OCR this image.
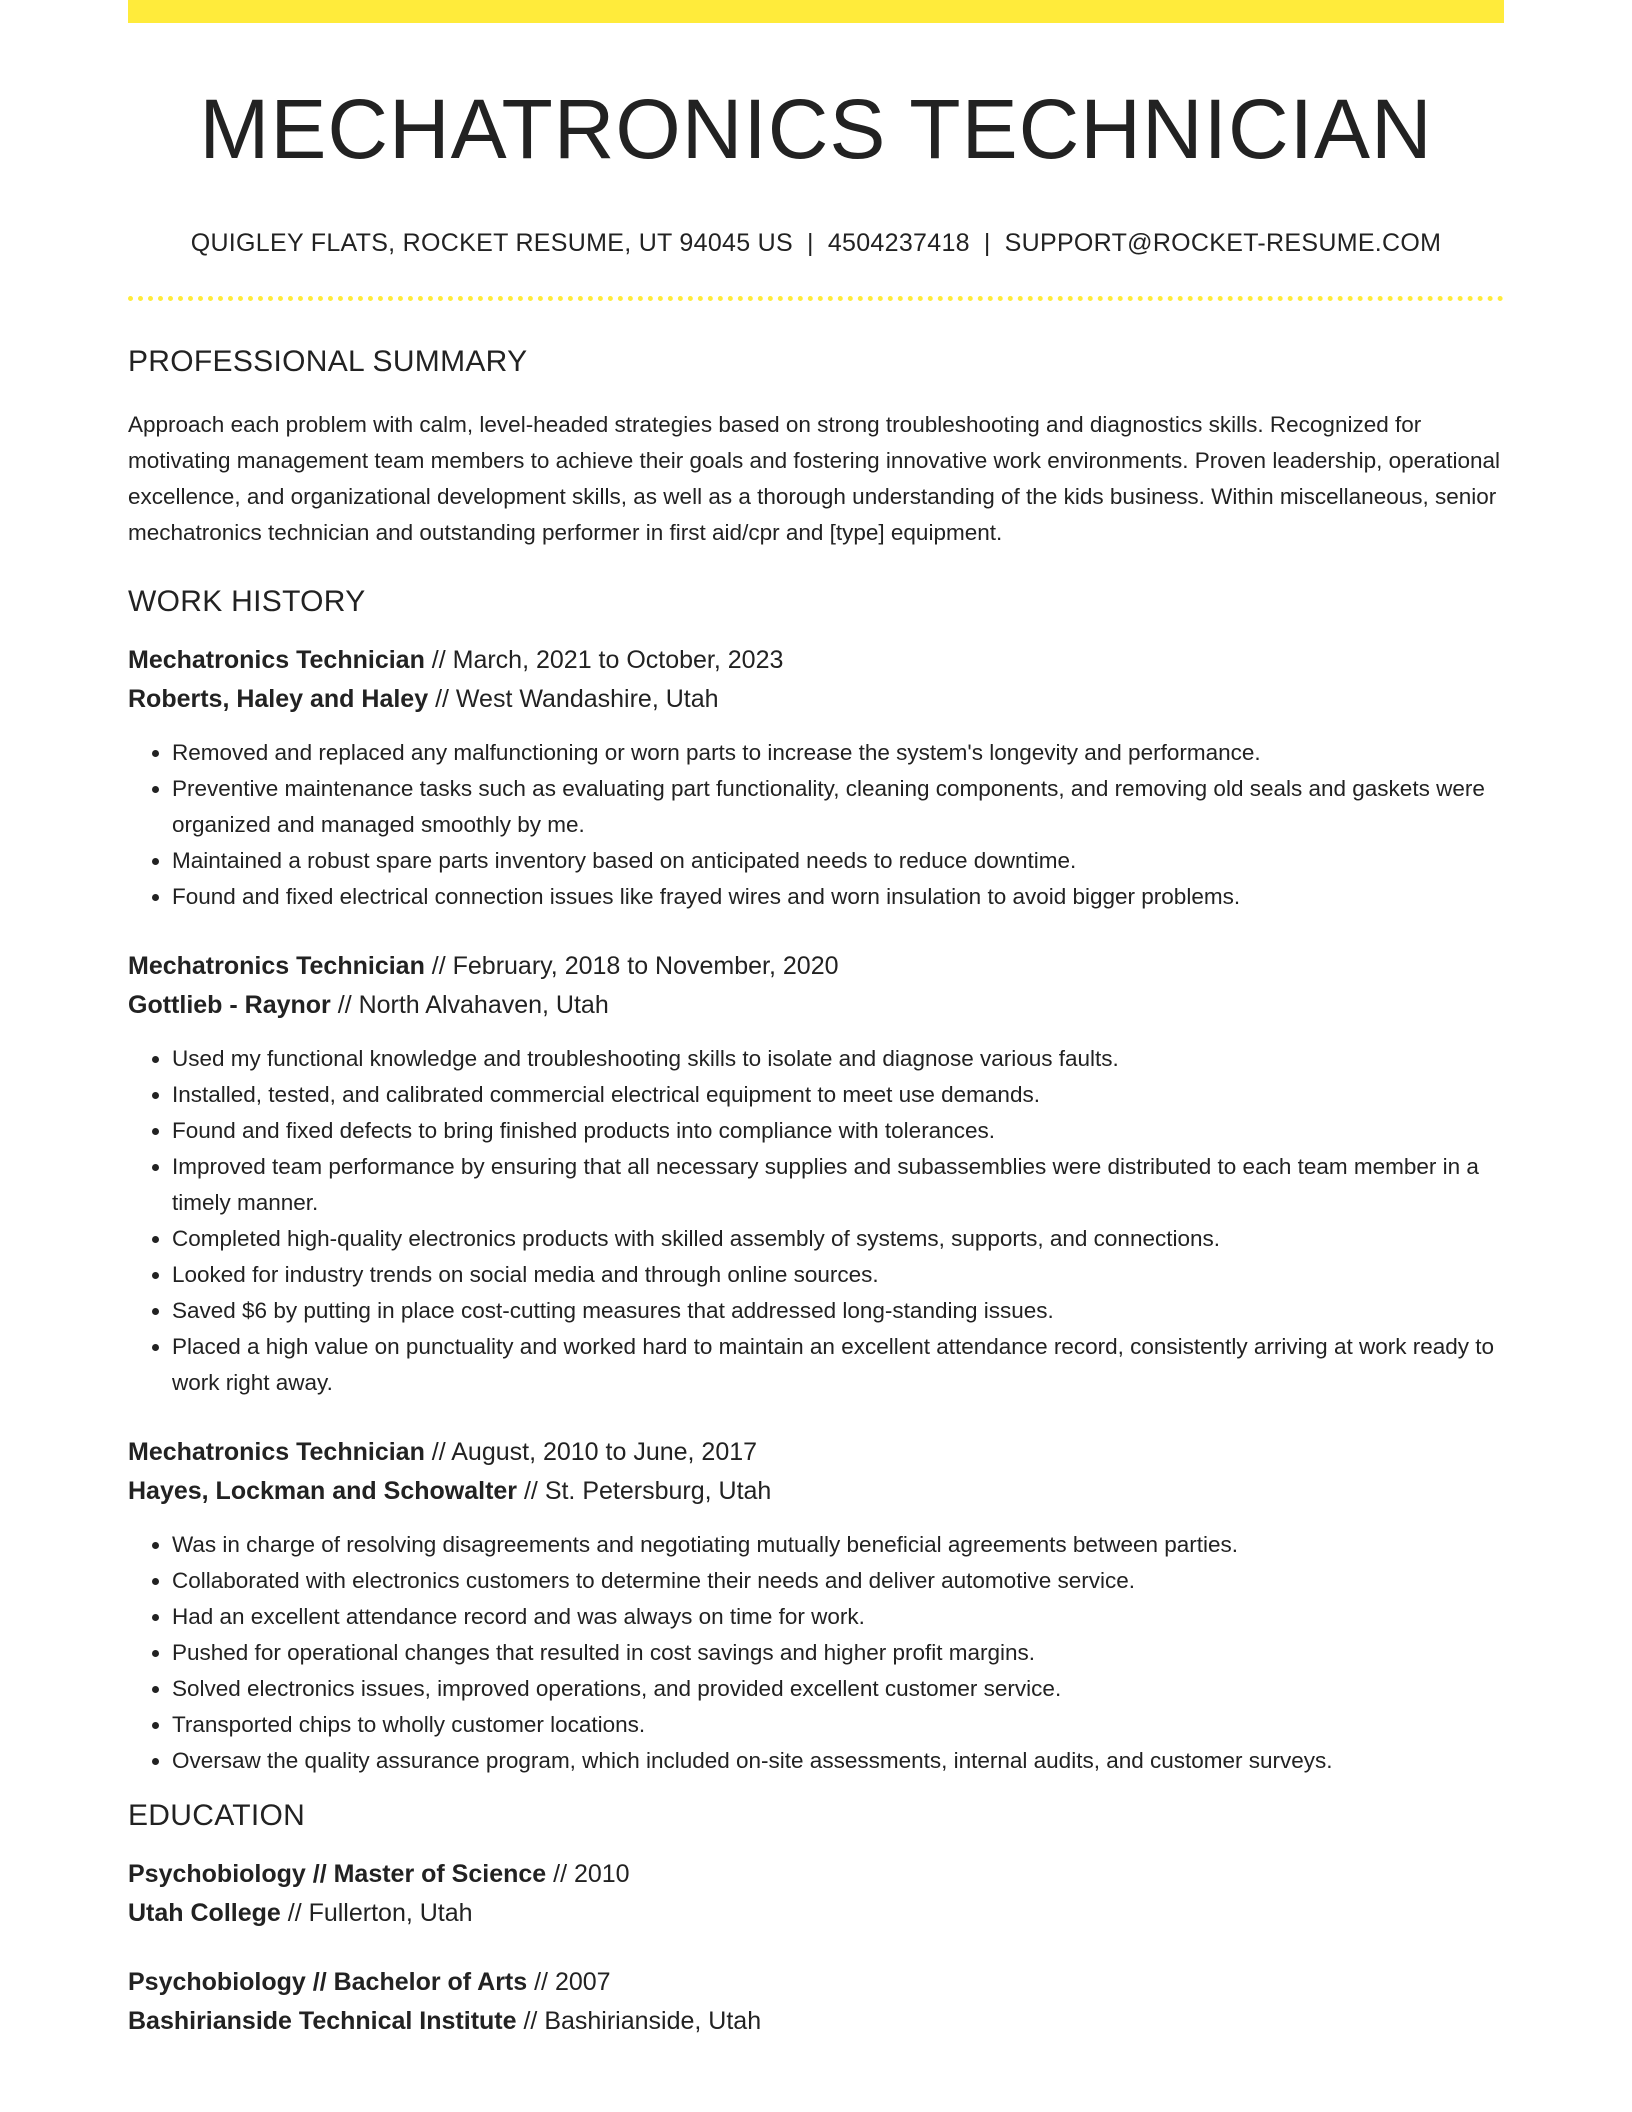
MECHATRONICS TECHNICIAN
QUIGLEY FLATS, ROCKET RESUME, UT 94045 US | 4504237418 | SUPPORT@ROCKET-RESUME.COM
PROFESSIONAL SUMMARY
Approach each problem with calm, level-headed strategies based on strong troubleshooting and diagnostics skills. Recognized for motivating management team members to achieve their goals and fostering innovative work environments. Proven leadership, operational excellence, and organizational development skills, as well as a thorough understanding of the kids business. Within miscellaneous, senior mechatronics technician and outstanding performer in first aid/cpr and [type] equipment.
WORK HISTORY
Mechatronics Technician // March, 2021 to October, 2023
Roberts, Haley and Haley // West Wandashire, Utah
• Removed and replaced any malfunctioning or worn parts to increase the system's longevity and performance.
• Preventive maintenance tasks such as evaluating part functionality, cleaning components, and removing old seals and gaskets were organized and managed smoothly by me.
• Maintained a robust spare parts inventory based on anticipated needs to reduce downtime.
• Found and fixed electrical connection issues like frayed wires and worn insulation to avoid bigger problems.
Mechatronics Technician // February, 2018 to November, 2020
Gottlieb - Raynor // North Alvahaven, Utah
• Used my functional knowledge and troubleshooting skills to isolate and diagnose various faults.
• Installed, tested, and calibrated commercial electrical equipment to meet use demands.
• Found and fixed defects to bring finished products into compliance with tolerances.
• Improved team performance by ensuring that all necessary supplies and subassemblies were distributed to each team member in a timely manner.
• Completed high-quality electronics products with skilled assembly of systems, supports, and connections.
• Looked for industry trends on social media and through online sources.
• Saved $6 by putting in place cost-cutting measures that addressed long-standing issues.
• Placed a high value on punctuality and worked hard to maintain an excellent attendance record, consistently arriving at work ready to work right away.
Mechatronics Technician // August, 2010 to June, 2017
Hayes, Lockman and Schowalter // St. Petersburg, Utah
• Was in charge of resolving disagreements and negotiating mutually beneficial agreements between parties.
• Collaborated with electronics customers to determine their needs and deliver automotive service.
• Had an excellent attendance record and was always on time for work.
• Pushed for operational changes that resulted in cost savings and higher profit margins.
• Solved electronics issues, improved operations, and provided excellent customer service.
• Transported chips to wholly customer locations.
• Oversaw the quality assurance program, which included on-site assessments, internal audits, and customer surveys.
EDUCATION
Psychobiology // Master of Science // 2010
Utah College // Fullerton, Utah
Psychobiology // Bachelor of Arts // 2007
Bashirianside Technical Institute // Bashirianside, Utah
